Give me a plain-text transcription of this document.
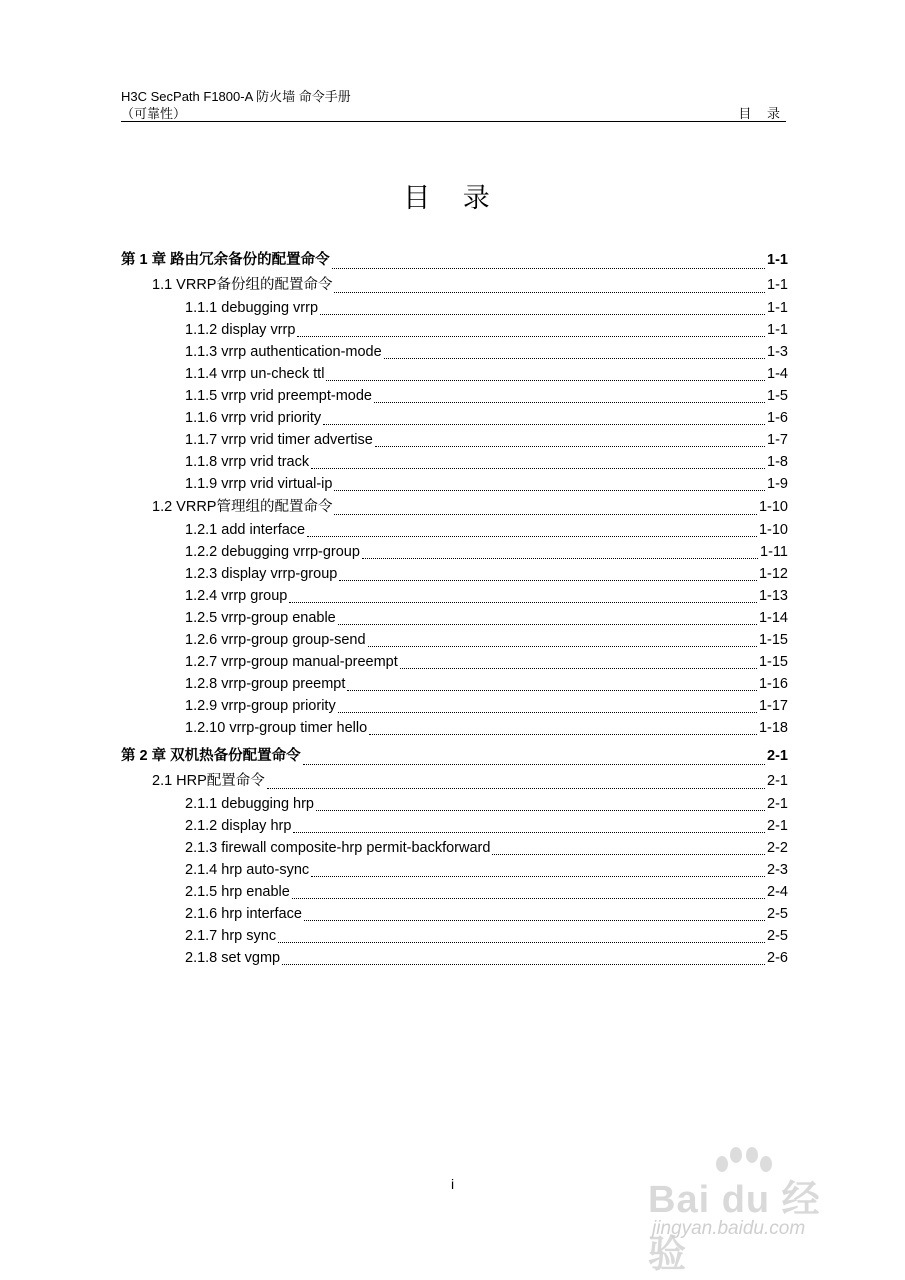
H3C SecPath F1800-A 防火墙 命令手册
（可靠性）	目 录
目 录
第 1 章 路由冗余备份的配置命令	1-1
1.1 VRRP备份组的配置命令	1-1
1.1.1 debugging vrrp	1-1
1.1.2 display vrrp	1-1
1.1.3 vrrp authentication-mode	1-3
1.1.4 vrrp un-check ttl	1-4
1.1.5 vrrp vrid preempt-mode	1-5
1.1.6 vrrp vrid priority	1-6
1.1.7 vrrp vrid timer advertise	1-7
1.1.8 vrrp vrid track	1-8
1.1.9 vrrp vrid virtual-ip	1-9
1.2 VRRP管理组的配置命令	1-10
1.2.1 add interface	1-10
1.2.2 debugging vrrp-group	1-11
1.2.3 display vrrp-group	1-12
1.2.4 vrrp group	1-13
1.2.5 vrrp-group enable	1-14
1.2.6 vrrp-group group-send	1-15
1.2.7 vrrp-group manual-preempt	1-15
1.2.8 vrrp-group preempt	1-16
1.2.9 vrrp-group priority	1-17
1.2.10 vrrp-group timer hello	1-18
第 2 章 双机热备份配置命令	2-1
2.1 HRP配置命令	2-1
2.1.1 debugging hrp	2-1
2.1.2 display hrp	2-1
2.1.3 firewall composite-hrp permit-backforward	2-2
2.1.4 hrp auto-sync	2-3
2.1.5 hrp enable	2-4
2.1.6 hrp interface	2-5
2.1.7 hrp sync	2-5
2.1.8 set vgmp	2-6
i	Bai du 经验
jingyan.baidu.com
